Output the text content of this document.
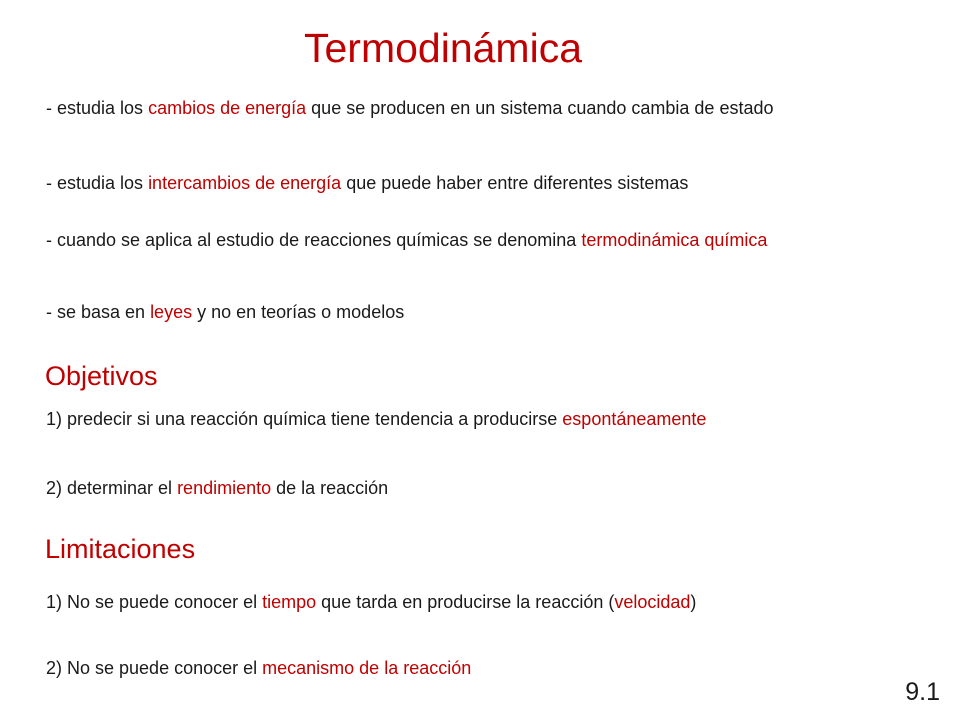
Termodinámica
- estudia los cambios de energía que se producen en un sistema cuando cambia de estado
- estudia los intercambios de energía que puede haber entre diferentes sistemas
- cuando se aplica al estudio de reacciones químicas se denomina termodinámica química
- se basa en leyes y no en teorías o modelos
Objetivos
1) predecir si una reacción química tiene tendencia a producirse espontáneamente
2) determinar el rendimiento de la reacción
Limitaciones
1) No se puede conocer el tiempo que tarda en producirse la reacción (velocidad)
2) No se puede conocer el mecanismo de la reacción
9.1
